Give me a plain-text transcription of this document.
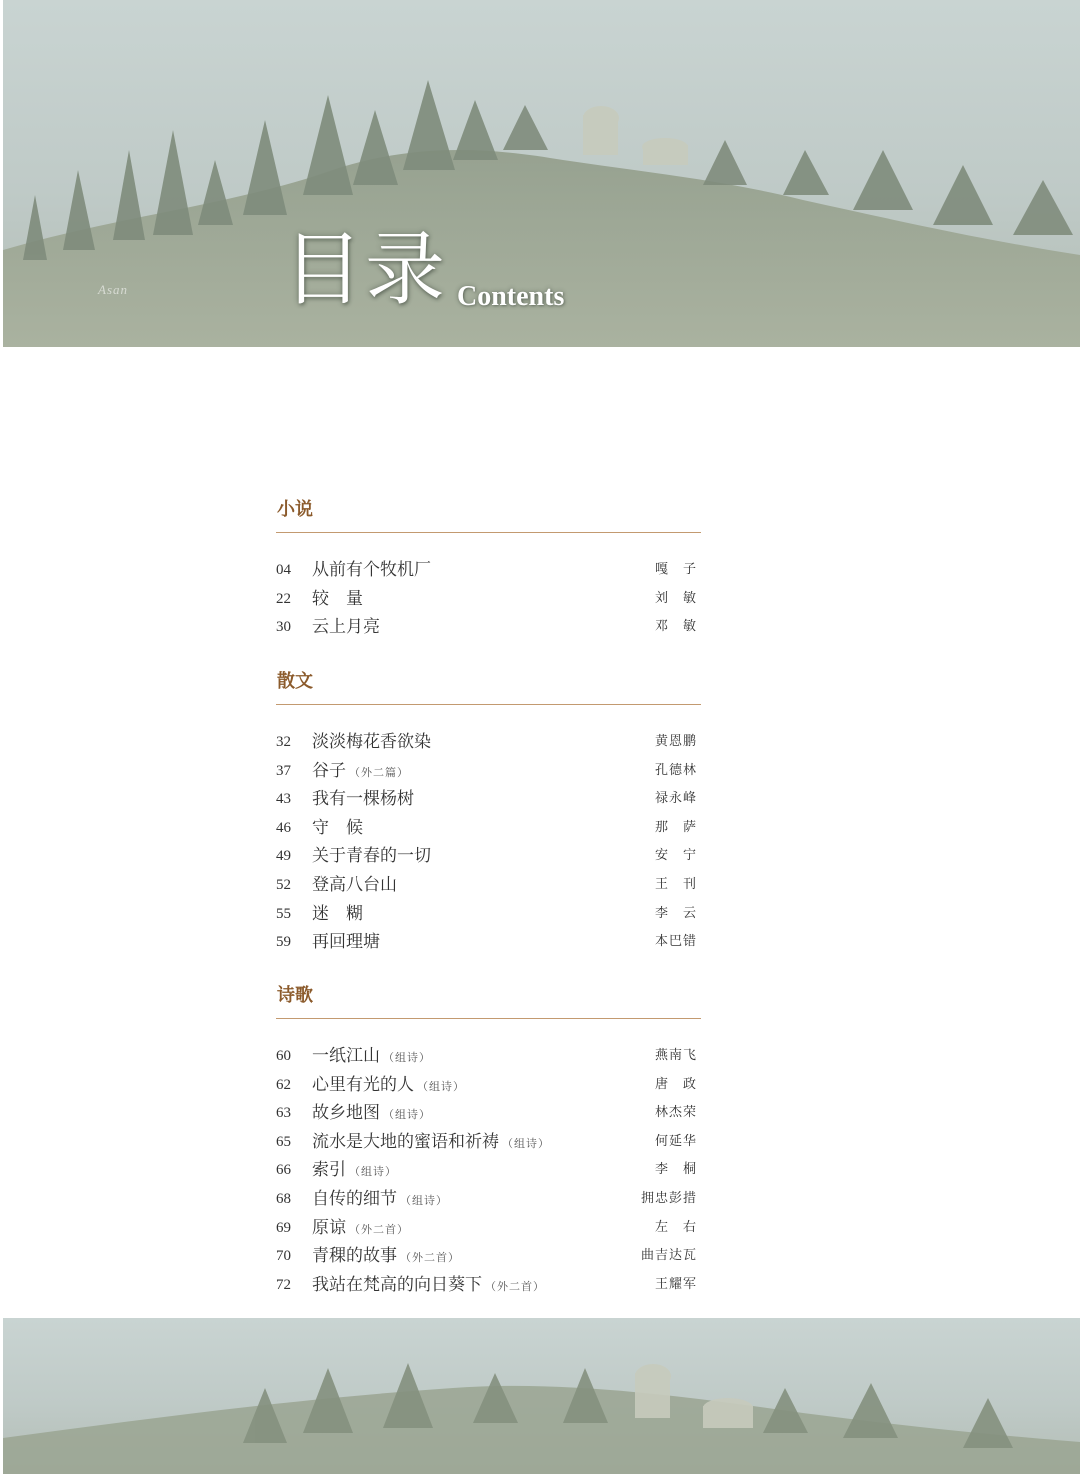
Asan 目录 Contents
小说
04 从前有个牧机厂	嘎　子
22 较　量	刘　敏
30 云上月亮	邓　敏
散文
32 淡淡梅花香欲染	黄恩鹏
37 谷子 （外二篇）	孔德林
43 我有一棵杨树	禄永峰
46 守　候	那　萨
49 关于青春的一切	安　宁
52 登高八台山	王　刊
55 迷　糊	李　云
59 再回理塘	本巴错
诗歌
60 一纸江山 （组诗）	燕南飞
62 心里有光的人 （组诗）	唐　政
63 故乡地图 （组诗）	林杰荣
65 流水是大地的蜜语和祈祷 （组诗）	何延华
66 索引 （组诗）	李　桐
68 自传的细节 （组诗）	拥忠彭措
69 原谅 （外二首）	左　右
70 青稞的故事 （外二首）	曲吉达瓦
72 我站在梵高的向日葵下 （外二首）	王耀军
